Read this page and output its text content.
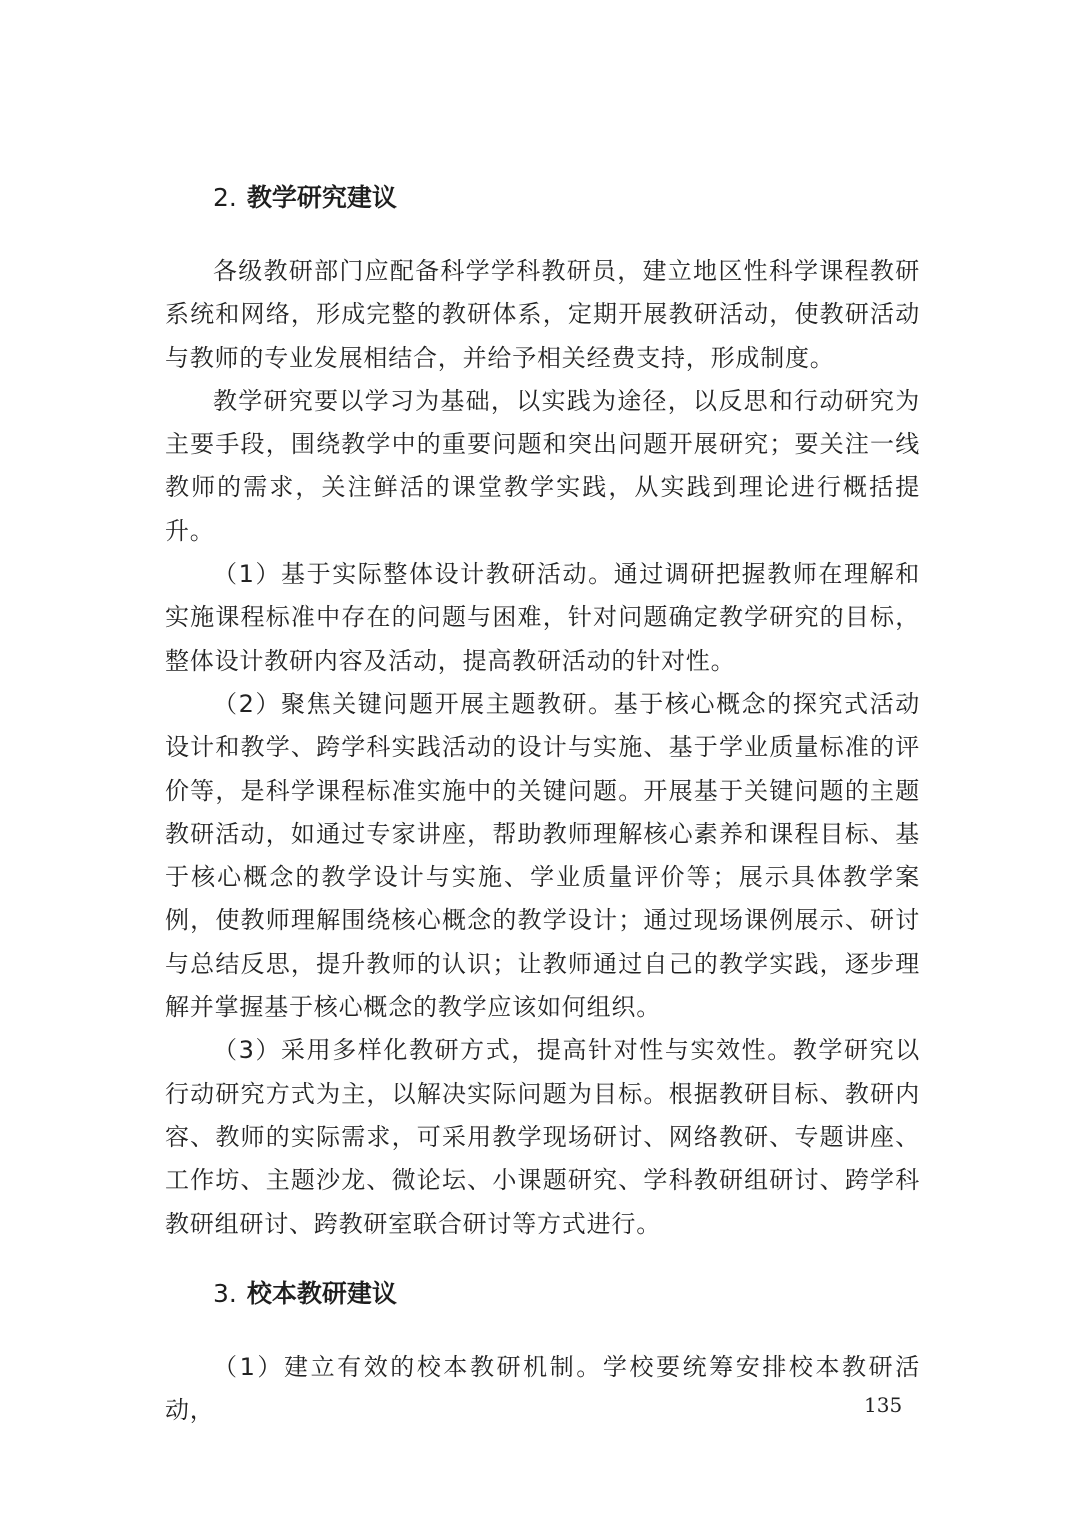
2. 教学研究建议

各级教研部门应配备科学学科教研员，建立地区性科学课程教研系统和网络，形成完整的教研体系，定期开展教研活动，使教研活动与教师的专业发展相结合，并给予相关经费支持，形成制度。

教学研究要以学习为基础，以实践为途径，以反思和行动研究为主要手段，围绕教学中的重要问题和突出问题开展研究；要关注一线教师的需求，关注鲜活的课堂教学实践，从实践到理论进行概括提升。

（1）基于实际整体设计教研活动。通过调研把握教师在理解和实施课程标准中存在的问题与困难，针对问题确定教学研究的目标，整体设计教研内容及活动，提高教研活动的针对性。

（2）聚焦关键问题开展主题教研。基于核心概念的探究式活动设计和教学、跨学科实践活动的设计与实施、基于学业质量标准的评价等，是科学课程标准实施中的关键问题。开展基于关键问题的主题教研活动，如通过专家讲座，帮助教师理解核心素养和课程目标、基于核心概念的教学设计与实施、学业质量评价等；展示具体教学案例，使教师理解围绕核心概念的教学设计；通过现场课例展示、研讨与总结反思，提升教师的认识；让教师通过自己的教学实践，逐步理解并掌握基于核心概念的教学应该如何组织。

（3）采用多样化教研方式，提高针对性与实效性。教学研究以行动研究方式为主，以解决实际问题为目标。根据教研目标、教研内容、教师的实际需求，可采用教学现场研讨、网络教研、专题讲座、工作坊、主题沙龙、微论坛、小课题研究、学科教研组研讨、跨学科教研组研讨、跨教研室联合研讨等方式进行。

3. 校本教研建议

（1）建立有效的校本教研机制。学校要统筹安排校本教研活动，	135
